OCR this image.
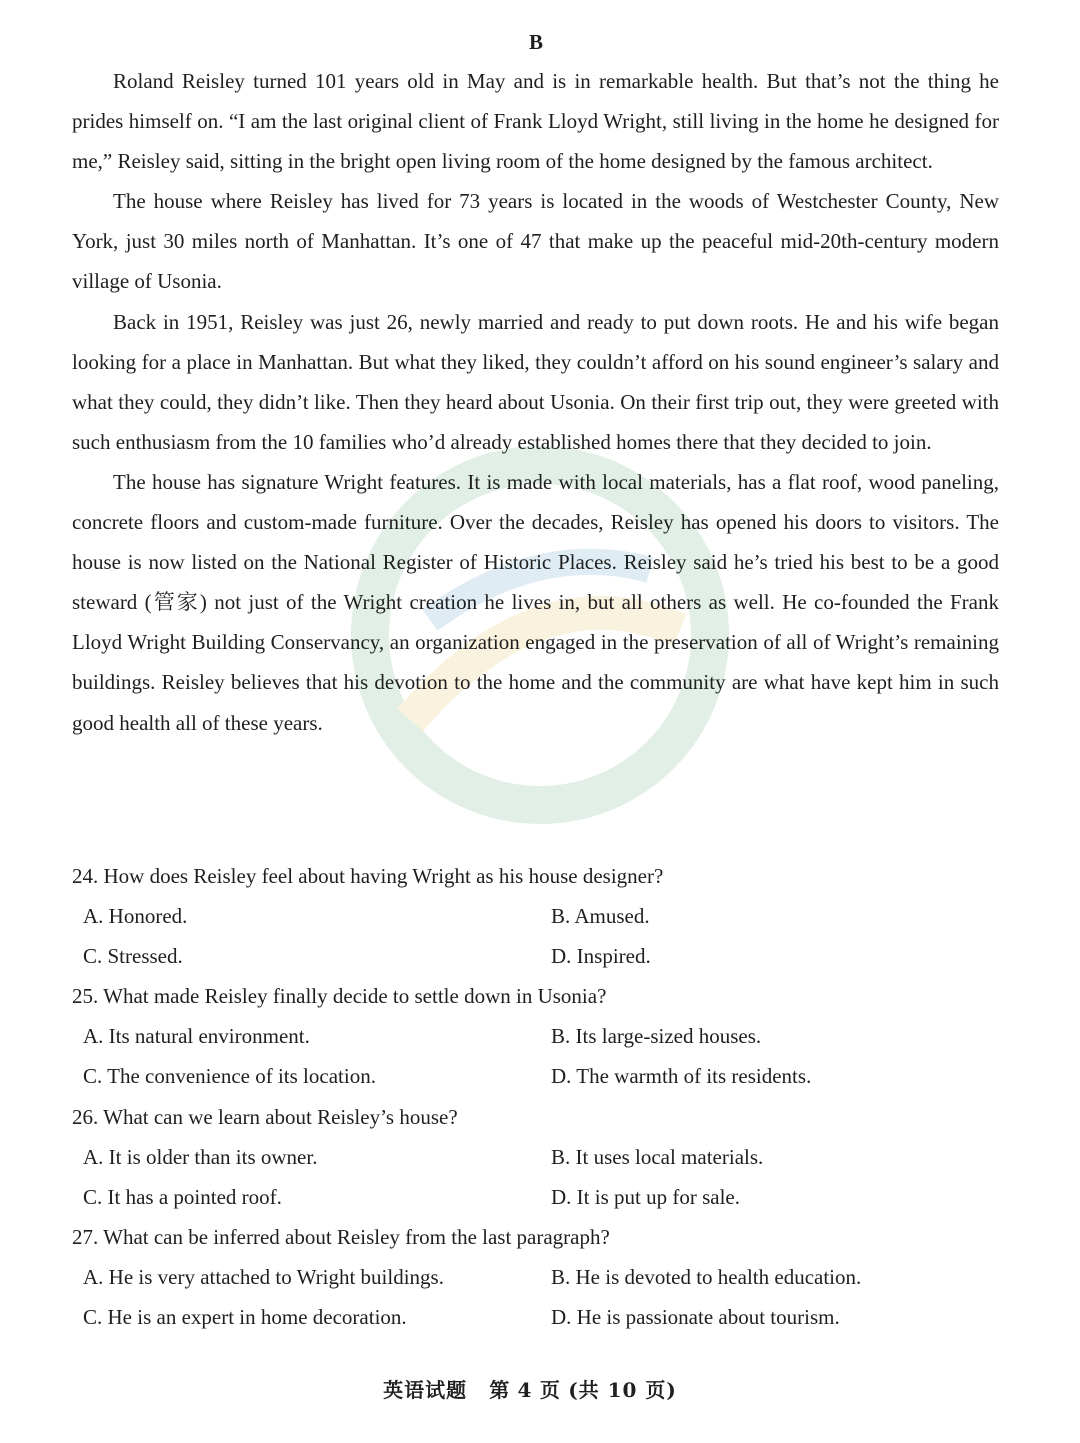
B

Roland Reisley turned 101 years old in May and is in remarkable health. But that’s not the thing he prides himself on. “I am the last original client of Frank Lloyd Wright, still living in the home he designed for me,” Reisley said, sitting in the bright open living room of the home designed by the famous architect.

The house where Reisley has lived for 73 years is located in the woods of Westchester County, New York, just 30 miles north of Manhattan. It’s one of 47 that make up the peaceful mid-20th-century modern village of Usonia.

Back in 1951, Reisley was just 26, newly married and ready to put down roots. He and his wife began looking for a place in Manhattan. But what they liked, they couldn’t afford on his sound engineer’s salary and what they could, they didn’t like. Then they heard about Usonia. On their first trip out, they were greeted with such enthusiasm from the 10 families who’d already established homes there that they decided to join.

The house has signature Wright features. It is made with local materials, has a flat roof, wood paneling, concrete floors and custom-made furniture. Over the decades, Reisley has opened his doors to visitors. The house is now listed on the National Register of Historic Places. Reisley said he’s tried his best to be a good steward (管家) not just of the Wright creation he lives in, but all others as well. He co-founded the Frank Lloyd Wright Building Conservancy, an organization engaged in the preservation of all of Wright’s remaining buildings. Reisley believes that his devotion to the home and the community are what have kept him in such good health all of these years.

24. How does Reisley feel about having Wright as his house designer?
A. Honored.	B. Amused.
C. Stressed.	D. Inspired.
25. What made Reisley finally decide to settle down in Usonia?
A. Its natural environment.	B. Its large-sized houses.
C. The convenience of its location.	D. The warmth of its residents.
26. What can we learn about Reisley’s house?
A. It is older than its owner.	B. It uses local materials.
C. It has a pointed roof.	D. It is put up for sale.
27. What can be inferred about Reisley from the last paragraph?
A. He is very attached to Wright buildings.	B. He is devoted to health education.
C. He is an expert in home decoration.	D. He is passionate about tourism.
英语试题 第 4 页 (共 10 页)
